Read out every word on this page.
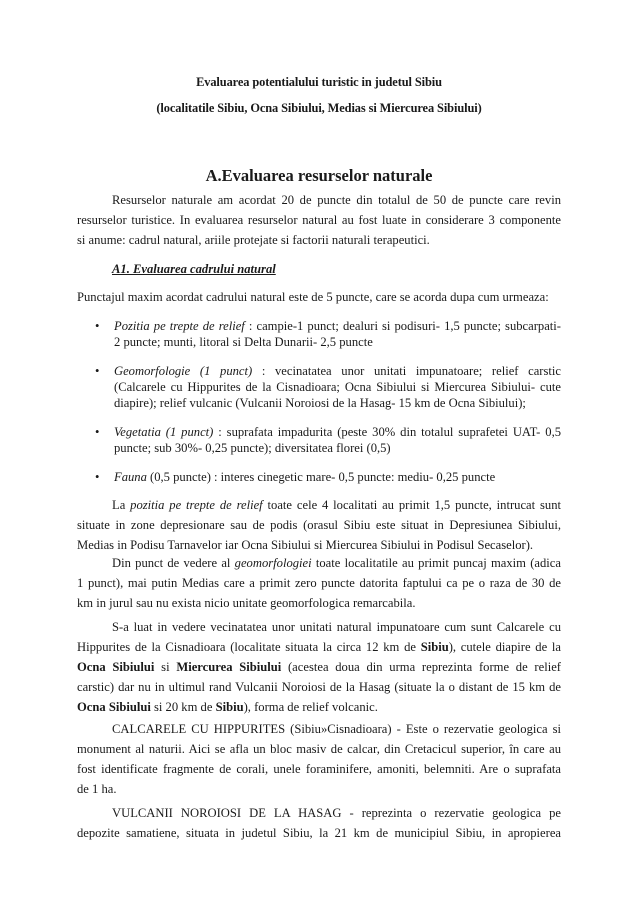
Evaluarea potentialului turistic in judetul Sibiu
(localitatile Sibiu, Ocna Sibiului, Medias si Miercurea Sibiului)
A.Evaluarea resurselor naturale
Resurselor naturale am acordat 20 de puncte din totalul de 50 de puncte care revin
resurselor turistice. In evaluarea resurselor natural au fost luate in considerare 3 componente
si anume: cadrul natural, ariile protejate si factorii naturali terapeutici.
A1. Evaluarea cadrului natural
Punctajul maxim acordat cadrului natural este de 5 puncte, care se acorda dupa cum urmeaza:
• Pozitia pe trepte de relief : campie-1 punct; dealuri si podisuri- 1,5 puncte; subcarpati-
2 puncte; munti, litoral si Delta Dunarii- 2,5 puncte
• Geomorfologie (1 punct) : vecinatatea unor unitati impunatoare; relief carstic
(Calcarele cu Hippurites de la Cisnadioara; Ocna Sibiului si Miercurea Sibiului- cute
diapire); relief vulcanic (Vulcanii Noroiosi de la Hasag- 15 km de Ocna Sibiului);
• Vegetatia (1 punct) : suprafata impadurita (peste 30% din totalul suprafetei UAT- 0,5
puncte; sub 30%- 0,25 puncte); diversitatea florei (0,5)
• Fauna (0,5 puncte) : interes cinegetic mare- 0,5 puncte: mediu- 0,25 puncte
La pozitia pe trepte de relief toate cele 4 localitati au primit 1,5 puncte, intrucat sunt
situate in zone depresionare sau de podis (orasul Sibiu este situat in Depresiunea Sibiului,
Medias in Podisu Tarnavelor iar Ocna Sibiului si Miercurea Sibiului in Podisul Secaselor).
Din punct de vedere al geomorfologiei toate localitatile au primit puncaj maxim (adica
1 punct), mai putin Medias care a primit zero puncte datorita faptului ca pe o raza de 30 de
km in jurul sau nu exista nicio unitate geomorfologica remarcabila.
S-a luat in vedere vecinatatea unor unitati natural impunatoare cum sunt Calcarele cu
Hippurites de la Cisnadioara (localitate situata la circa 12 km de Sibiu), cutele diapire de la
Ocna Sibiului si Miercurea Sibiului (acestea doua din urma reprezinta forme de relief
carstic) dar nu in ultimul rand Vulcanii Noroiosi de la Hasag (situate la o distant de 15 km de
Ocna Sibiului si 20 km de Sibiu), forma de relief volcanic.
CALCARELE CU HIPPURITES (Sibiu»Cisnadioara) - Este o rezervatie geologica si
monument al naturii. Aici se afla un bloc masiv de calcar, din Cretacicul superior, în care au
fost identificate fragmente de corali, unele foraminifere, amoniti, belemniti. Are o suprafata
de 1 ha.
VULCANII NOROIOSI DE LA HASAG - reprezinta o rezervatie geologica pe
depozite samatiene, situata in judetul Sibiu, la 21 km de municipiul Sibiu, in apropierea
